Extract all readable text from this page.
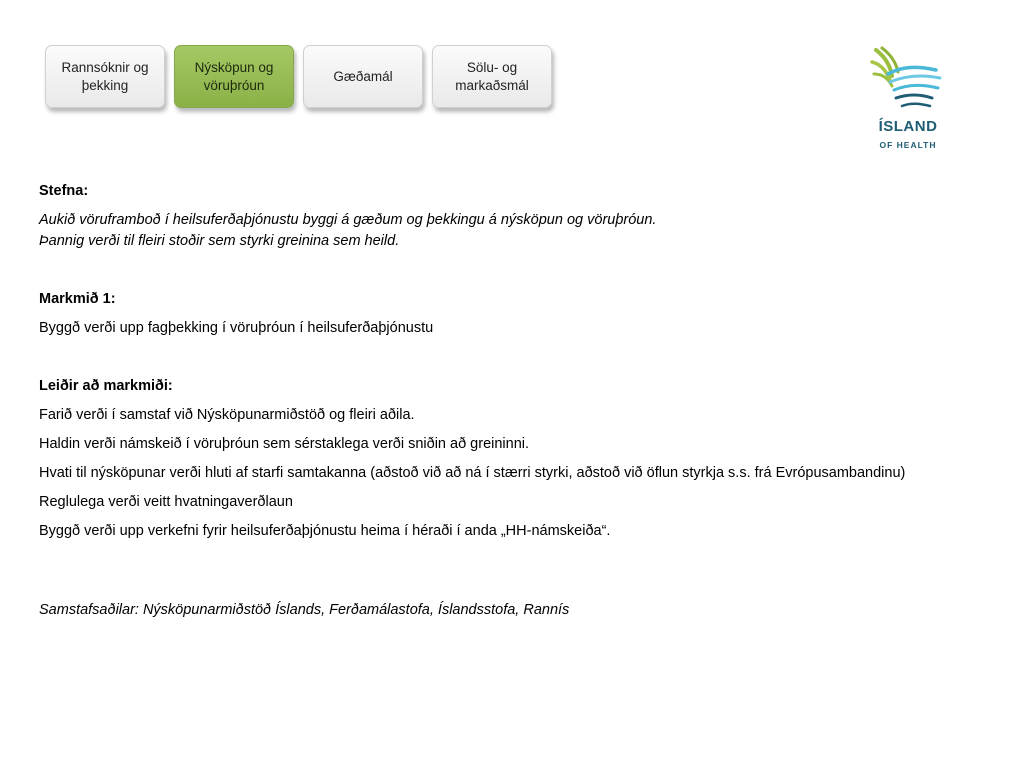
Rannsóknir og
þekking
Nýsköpun og
vöruþróun
Gæðamál
Sölu- og
markaðsmál
ÍSLAND
OF HEALTH

Stefna:

Aukið vöruframboð í heilsuferðaþjónustu byggi á gæðum og þekkingu á nýsköpun og vöruþróun.

Þannig verði til fleiri stoðir sem styrki greinina sem heild.

Markmið 1:

Byggð verði upp fagþekking í vöruþróun í heilsuferðaþjónustu

Leiðir að markmiði:

Farið verði í samstaf við Nýsköpunarmiðstöð og fleiri aðila.

Haldin verði námskeið í vöruþróun sem sérstaklega verði sniðin að greininni.

Hvati til nýsköpunar verði hluti af starfi samtakanna (aðstoð við að ná í stærri styrki, aðstoð við öflun styrkja s.s. frá Evrópusambandinu)

Reglulega verði veitt hvatningaverðlaun

Byggð verði upp verkefni fyrir heilsuferðaþjónustu heima í héraði í anda „HH-námskeiða“.

Samstafsaðilar: Nýsköpunarmiðstöð Íslands, Ferðamálastofa, Íslandsstofa, Rannís
